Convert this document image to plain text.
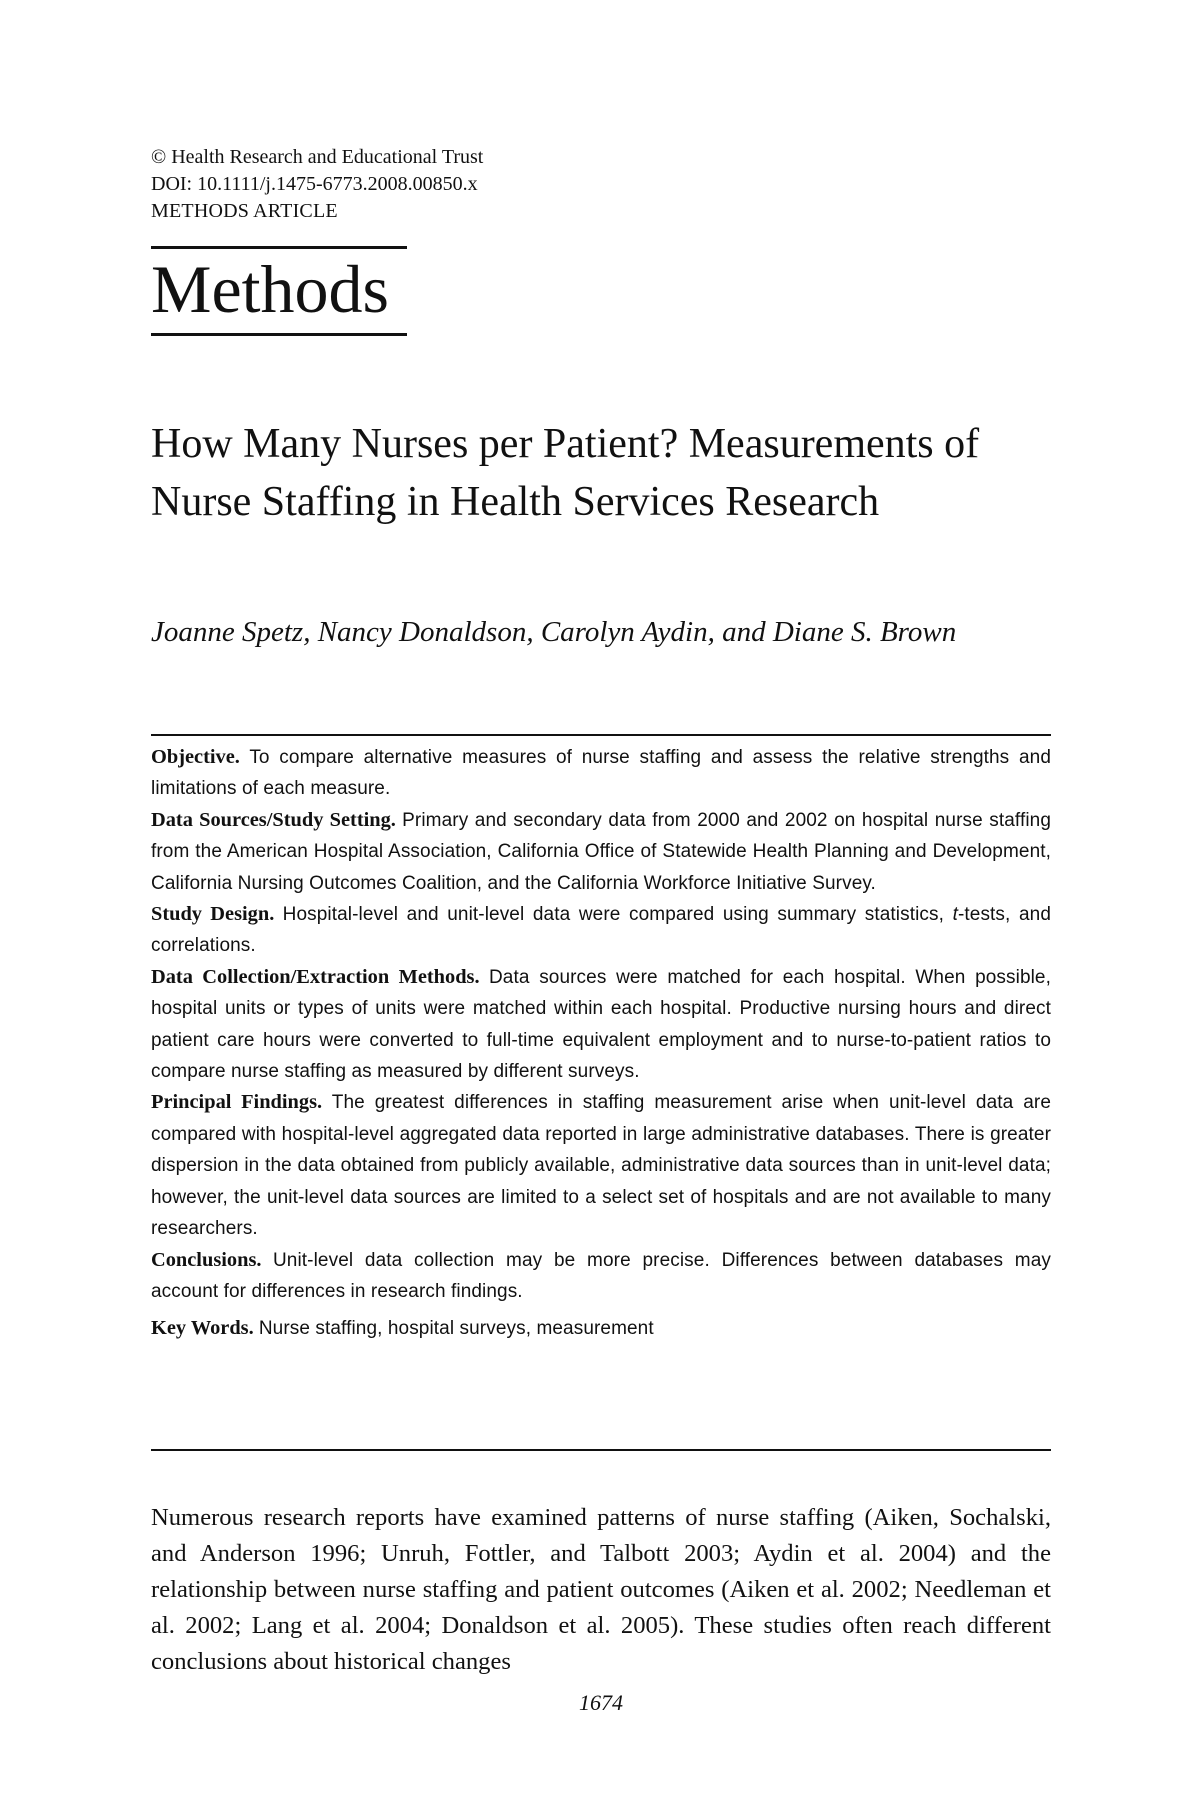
© Health Research and Educational Trust
DOI: 10.1111/j.1475-6773.2008.00850.x
METHODS ARTICLE
Methods
How Many Nurses per Patient? Measurements of Nurse Staffing in Health Services Research
Joanne Spetz, Nancy Donaldson, Carolyn Aydin, and Diane S. Brown

Objective. To compare alternative measures of nurse staffing and assess the relative strengths and limitations of each measure.

Data Sources/Study Setting. Primary and secondary data from 2000 and 2002 on hospital nurse staffing from the American Hospital Association, California Office of Statewide Health Planning and Development, California Nursing Outcomes Coalition, and the California Workforce Initiative Survey.

Study Design. Hospital-level and unit-level data were compared using summary statistics, t-tests, and correlations.

Data Collection/Extraction Methods. Data sources were matched for each hospital. When possible, hospital units or types of units were matched within each hospital. Productive nursing hours and direct patient care hours were converted to full-time equivalent employment and to nurse-to-patient ratios to compare nurse staffing as measured by different surveys.

Principal Findings. The greatest differences in staffing measurement arise when unit-level data are compared with hospital-level aggregated data reported in large administrative databases. There is greater dispersion in the data obtained from publicly available, administrative data sources than in unit-level data; however, the unit-level data sources are limited to a select set of hospitals and are not available to many researchers.

Conclusions. Unit-level data collection may be more precise. Differences between databases may account for differences in research findings.

Key Words. Nurse staffing, hospital surveys, measurement

Numerous research reports have examined patterns of nurse staffing (Aiken, Sochalski, and Anderson 1996; Unruh, Fottler, and Talbott 2003; Aydin et al. 2004) and the relationship between nurse staffing and patient outcomes (Aiken et al. 2002; Needleman et al. 2002; Lang et al. 2004; Donaldson et al. 2005). These studies often reach different conclusions about historical changes

1674
